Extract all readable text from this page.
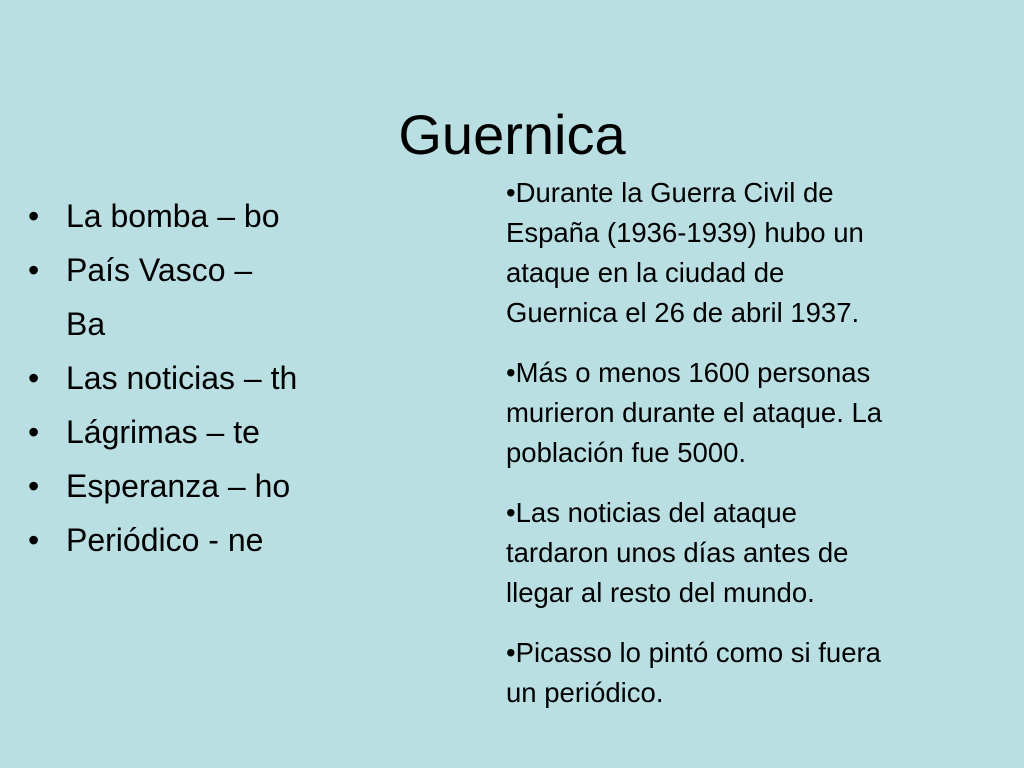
Guernica
• La bomba – bo
• País Vasco –
Ba
• Las noticias – th
• Lágrimas – te
• Esperanza – ho
• Periódico - ne
•Durante la Guerra Civil de
España (1936-1939) hubo un
ataque en la ciudad de
Guernica el 26 de abril 1937.
•Más o menos 1600 personas
murieron durante el ataque. La
población fue 5000.
•Las noticias del ataque
tardaron unos días antes de
llegar al resto del mundo.
•Picasso lo pintó como si fuera
un periódico.
